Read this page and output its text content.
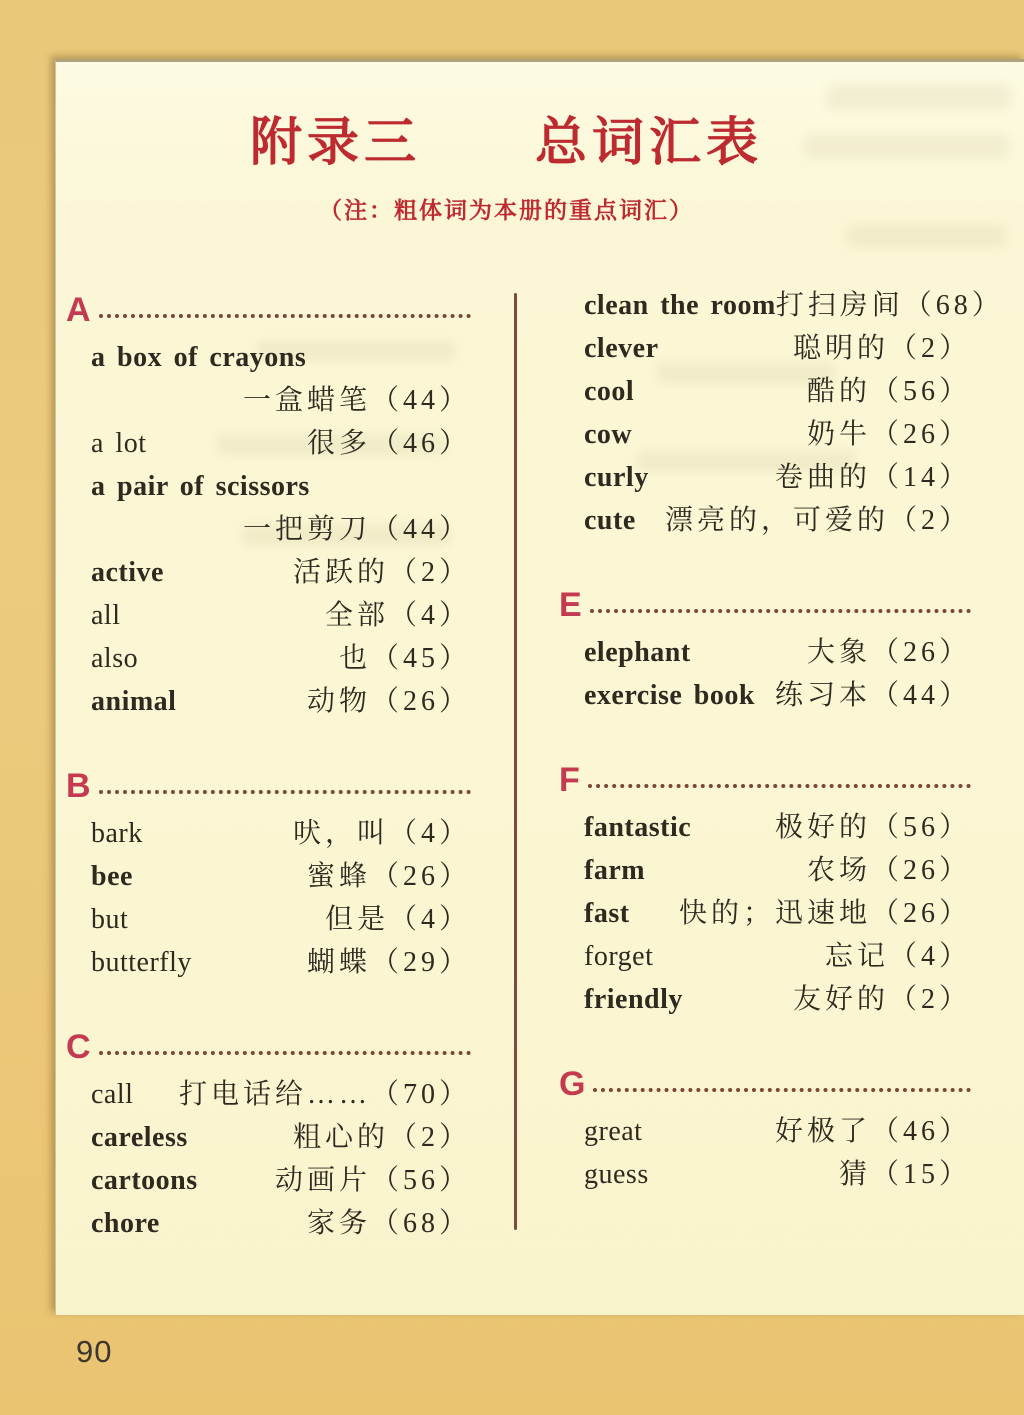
附录三　　总词汇表
（注：粗体词为本册的重点词汇）
A
a box of crayons
一盒蜡笔（44）
a lot	很多（46）
a pair of scissors
一把剪刀（44）
active	活跃的（2）
all	全部（4）
also	也（45）
animal	动物（26）
B
bark	吠，叫（4）
bee	蜜蜂（26）
but	但是（4）
butterfly	蝴蝶（29）
C
call 打电话给……（70）
careless	粗心的（2）
cartoons	动画片（56）
chore	家务（68）
clean the room 打扫房间（68）
clever	聪明的（2）
cool	酷的（56）
cow	奶牛（26）
curly	卷曲的（14）
cute 漂亮的，可爱的（2）
E
elephant	大象（26）
exercise book 练习本（44）
F
fantastic	极好的（56）
farm	农场（26）
fast 快的；迅速地（26）
forget	忘记（4）
friendly	友好的（2）
G
great	好极了（46）
guess	猜（15）
90
